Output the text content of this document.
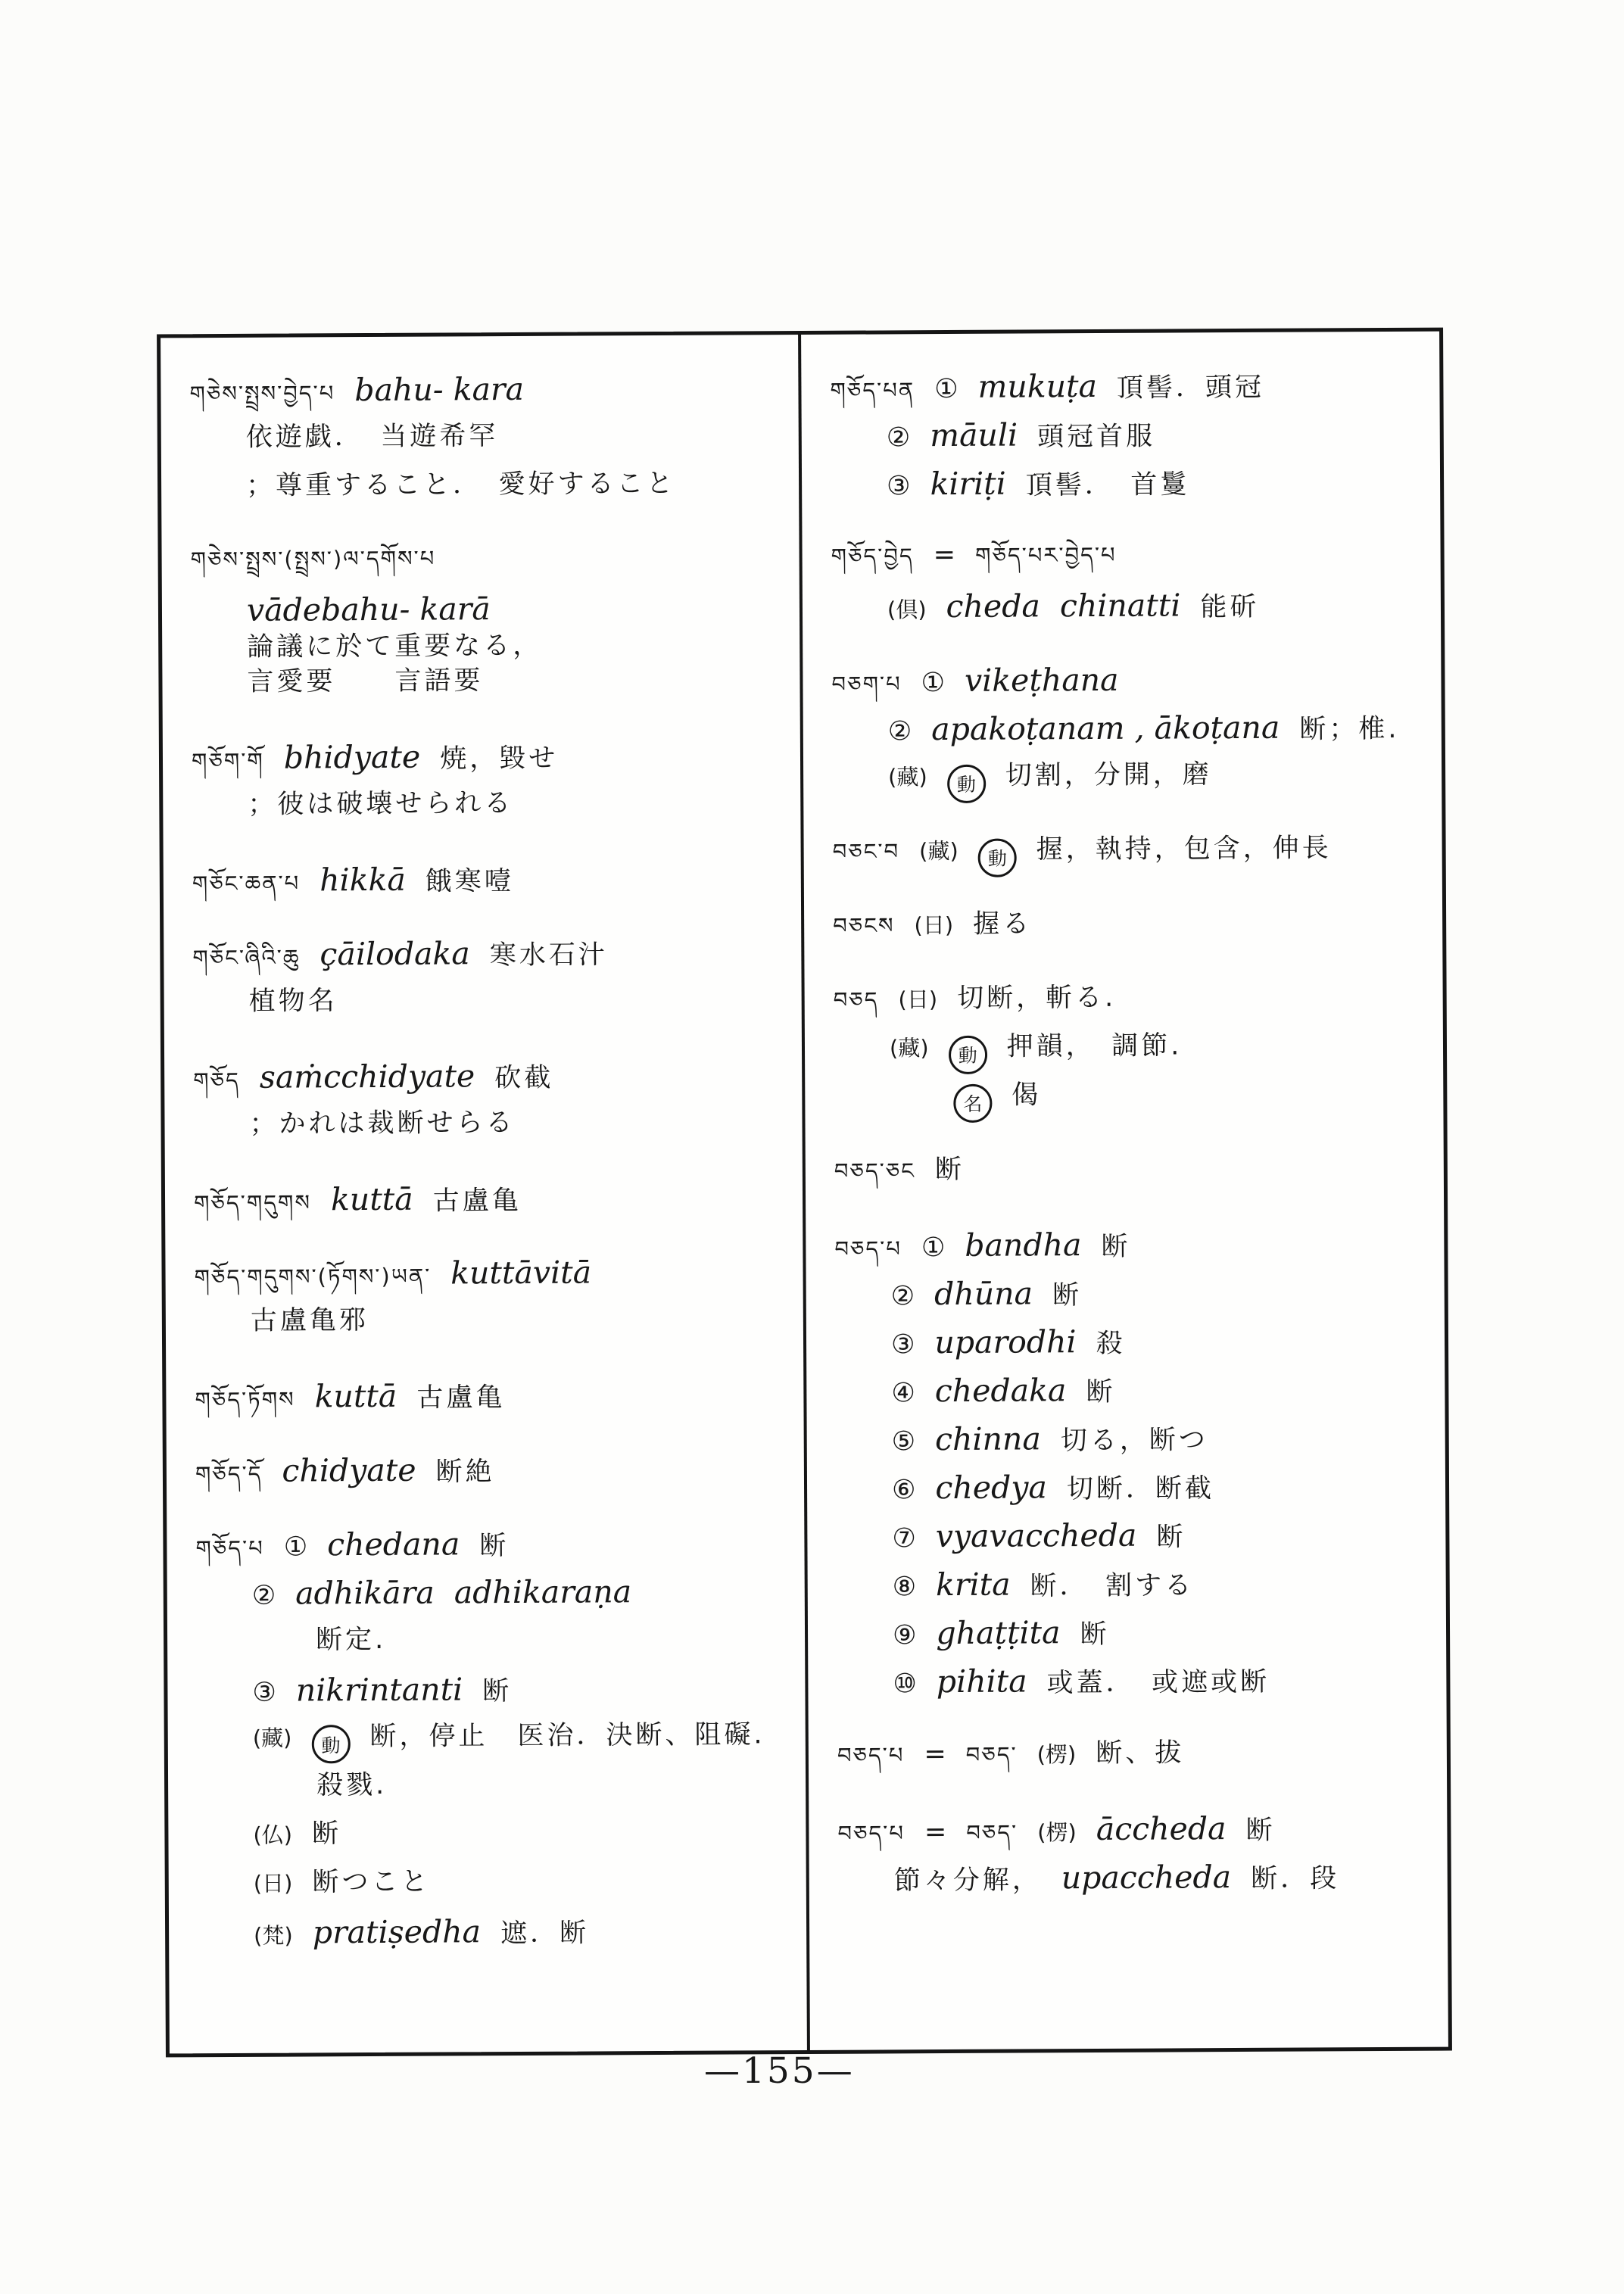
གཅེས་སྤྲས་བྱེད་པ bahu- kara
依遊戯．　当遊希罕
；尊重すること．　愛好すること
གཅེས་སྤྲས་(སྤྲས་)ལ་དགོས་པ
vādebahu- karā
論議に於て重要なる，
言愛要　　言語要
གཅོག་གོ bhidyate 焼，毀せ
；彼は破壊せられる
གཅོང་ཆན་པ hikkā 餓寒噎
གཅོང་ཞིའི་ཆུ çāilodaka 寒水石汁
植物名
གཅོད saṁcchidyate 砍截
；かれは裁断せらる
གཅོད་གདུགས kuttā 古盧亀
གཅོད་གདུགས་(ཏོགས་)ཡན་ kuttāvitā
古盧亀邪
གཅོད་ཏོགས kuttā 古盧亀
གཅོད་དོ chidyate 断絶
གཅོད་པ ① chedana 断
② adhikāra  adhikaraṇa
断定.
③ nikrintanti 断
(藏)	動	断，停止　医治．決断、阻礙.
殺戮.
(仏) 断
(日) 断つこと
(梵) pratiṣedha 遮．断
གཅོད་པན ① mukuṭa 頂髻．頭冠
② māuli 頭冠首服
③ kiriṭi 頂髻．　首鬘
གཅོད་བྱེད = གཅོད་པར་བྱེད་པ
(倶) cheda  chinatti 能斫
བཅག་པ ① vikeṭhana
② apakoṭanam , ākoṭana 断；椎.
(藏)	動	切割，分開，磨
བཅང་བ (藏)	動	握，執持，包含，伸長
བཅངས (日) 握る
བཅད (日) 切断，斬る.
(藏)	動	押韻，　調節.
名	偈
བཅད་ཅང 断
བཅད་པ ① bandha 断
② dhūna 断
③ uparodhi 殺
④ chedaka 断
⑤ chinna 切る，断つ
⑥ chedya 切断．断截
⑦ vyavaccheda 断
⑧ krita 断．　割する
⑨ ghaṭṭita 断
⑩ pihita 或蓋．　或遮或断
བཅད་པ = བཅད་ (楞) 断、拔
བཅད་པ = བཅད་ (楞) āccheda 断
節々分解， upaccheda 断．段
—155—
